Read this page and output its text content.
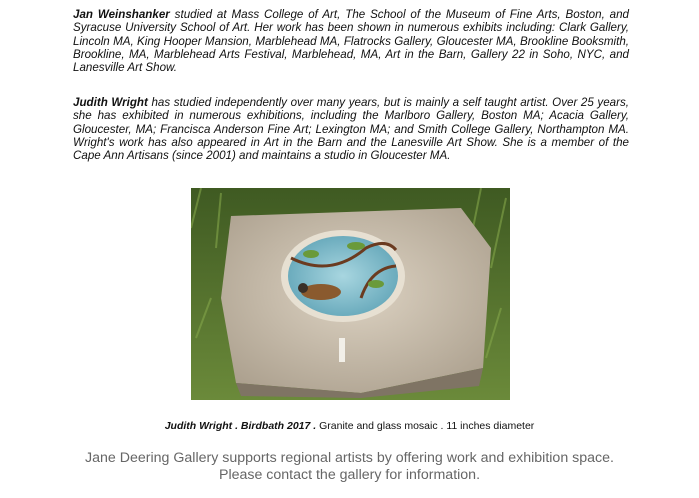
Jan Weinshanker studied at Mass College of Art, The School of the Museum of Fine Arts, Boston, and Syracuse University School of Art. Her work has been shown in numerous exhibits including: Clark Gallery, Lincoln MA, King Hooper Mansion, Marblehead MA, Flatrocks Gallery, Gloucester MA, Brookline Booksmith, Brookline, MA, Marblehead Arts Festival, Marblehead, MA, Art in the Barn, Gallery 22 in Soho, NYC, and Lanesville Art Show.

Judith Wright has studied independently over many years, but is mainly a self taught artist. Over 25 years, she has exhibited in numerous exhibitions, including the Marlboro Gallery, Boston MA; Acacia Gallery, Gloucester, MA; Francisca Anderson Fine Art; Lexington MA; and Smith College Gallery, Northampton MA. Wright's work has also appeared in Art in the Barn and the Lanesville Art Show. She is a member of the Cape Ann Artisans (since 2001) and maintains a studio in Gloucester MA.

Judith Wright . Birdbath 2017 . Granite and glass mosaic . 11 inches diameter
Jane Deering Gallery supports regional artists by offering work and exhibition space.
Please contact the gallery for information.
